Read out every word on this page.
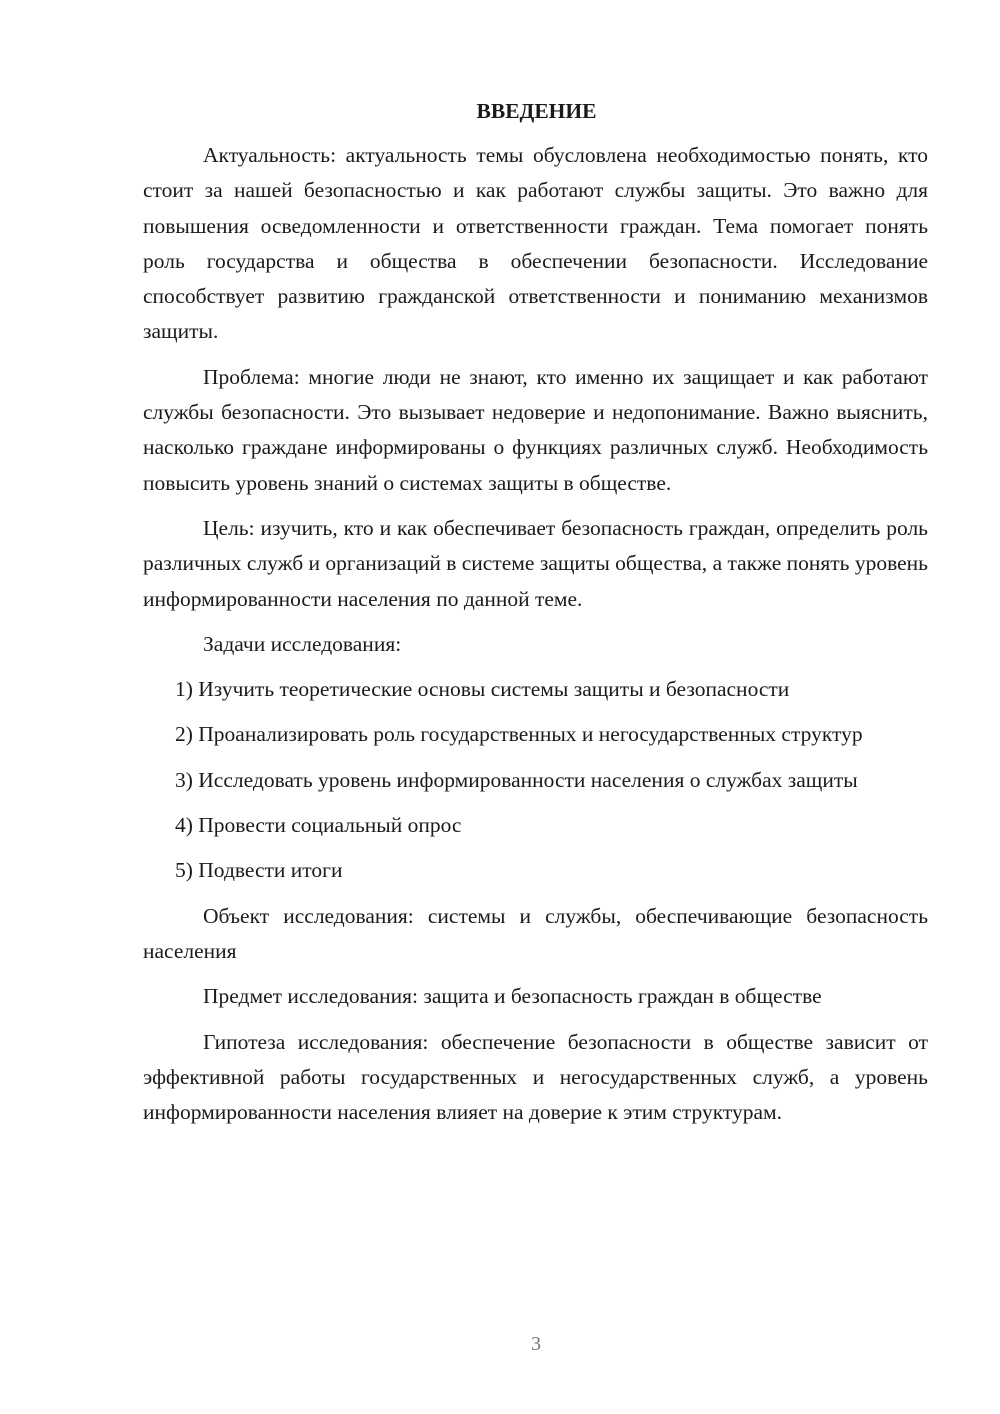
ВВЕДЕНИЕ

Актуальность: актуальность темы обусловлена необходимостью понять, кто стоит за нашей безопасностью и как работают службы защиты. Это важно для повышения осведомленности и ответственности граждан. Тема помогает понять роль государства и общества в обеспечении безопасности. Исследование способствует развитию гражданской ответственности и пониманию механизмов защиты.

Проблема: многие люди не знают, кто именно их защищает и как работают службы безопасности. Это вызывает недоверие и недопонимание. Важно выяснить, насколько граждане информированы о функциях различных служб. Необходимость повысить уровень знаний о системах защиты в обществе.

Цель: изучить, кто и как обеспечивает безопасность граждан, определить роль различных служб и организаций в системе защиты общества, а также понять уровень информированности населения по данной теме.

Задачи исследования:

1) Изучить теоретические основы системы защиты и безопасности

2) Проанализировать роль государственных и негосударственных структур

3) Исследовать уровень информированности населения о службах защиты

4) Провести социальный опрос

5) Подвести итоги

Объект исследования: системы и службы, обеспечивающие безопасность населения

Предмет исследования: защита и безопасность граждан в обществе

Гипотеза исследования: обеспечение безопасности в обществе зависит от эффективной работы государственных и негосударственных служб, а уровень информированности населения влияет на доверие к этим структурам.

3
